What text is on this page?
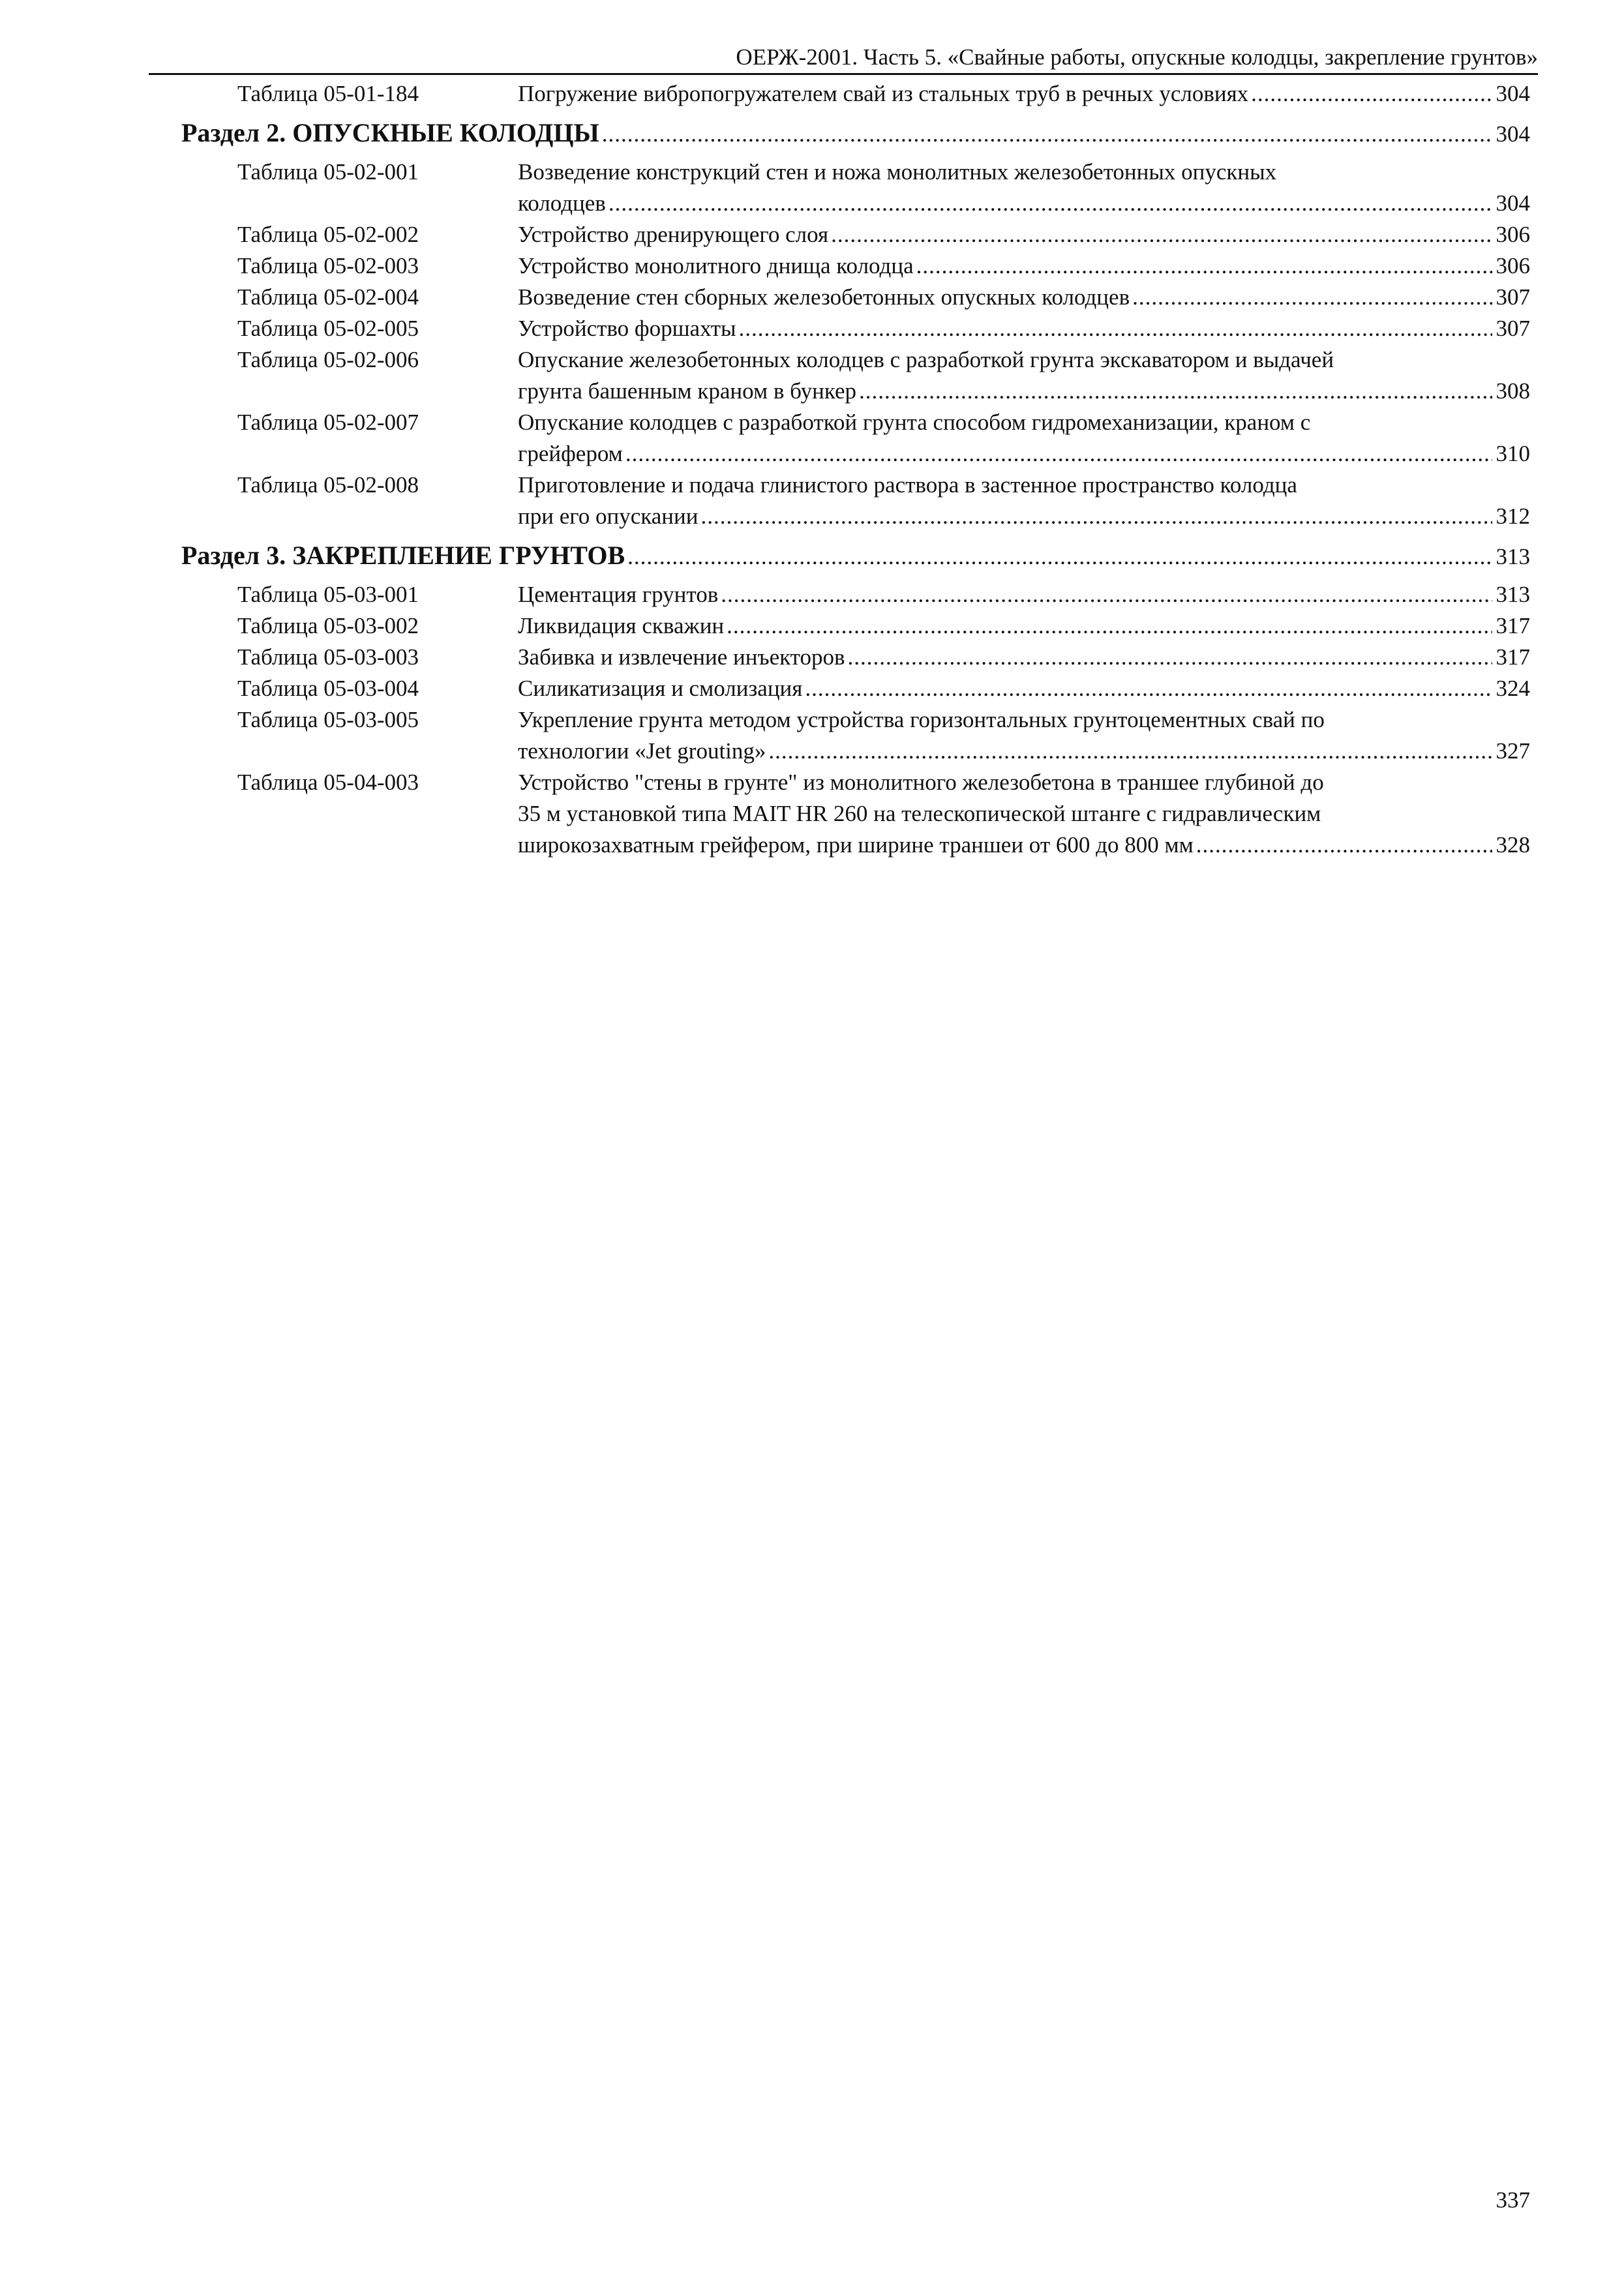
ОЕРЖ-2001. Часть 5. «Свайные работы, опускные колодцы, закрепление грунтов»
Таблица 05-01-184	Погружение вибропогружателем свай из стальных труб в речных условиях .....	304
Раздел 2. ОПУСКНЫЕ КОЛОДЦЫ .....	304
Таблица 05-02-001	Возведение конструкций стен и ножа монолитных железобетонных опускных
колодцев .....	304
Таблица 05-02-002	Устройство дренирующего слоя .....	306
Таблица 05-02-003	Устройство монолитного днища колодца .....	306
Таблица 05-02-004	Возведение стен сборных железобетонных опускных колодцев .....	307
Таблица 05-02-005	Устройство форшахты .....	307
Таблица 05-02-006	Опускание железобетонных колодцев с разработкой грунта экскаватором и выдачей
грунта башенным краном в бункер .....	308
Таблица 05-02-007	Опускание колодцев с разработкой грунта способом гидромеханизации, краном с
грейфером .....	310
Таблица 05-02-008	Приготовление и подача глинистого раствора в застенное пространство колодца
при его опускании .....	312
Раздел 3. ЗАКРЕПЛЕНИЕ ГРУНТОВ .....	313
Таблица 05-03-001	Цементация грунтов .....	313
Таблица 05-03-002	Ликвидация скважин .....	317
Таблица 05-03-003	Забивка и извлечение инъекторов .....	317
Таблица 05-03-004	Силикатизация и смолизация .....	324
Таблица 05-03-005	Укрепление грунта методом устройства горизонтальных грунтоцементных свай по
технологии «Jet grouting» .....	327
Таблица 05-04-003	Устройство "стены в грунте" из монолитного железобетона в траншее глубиной до
35 м установкой типа MAIT HR 260 на телескопической штанге с гидравлическим
широкозахватным грейфером, при ширине траншеи от 600 до 800 мм .....	328
337
